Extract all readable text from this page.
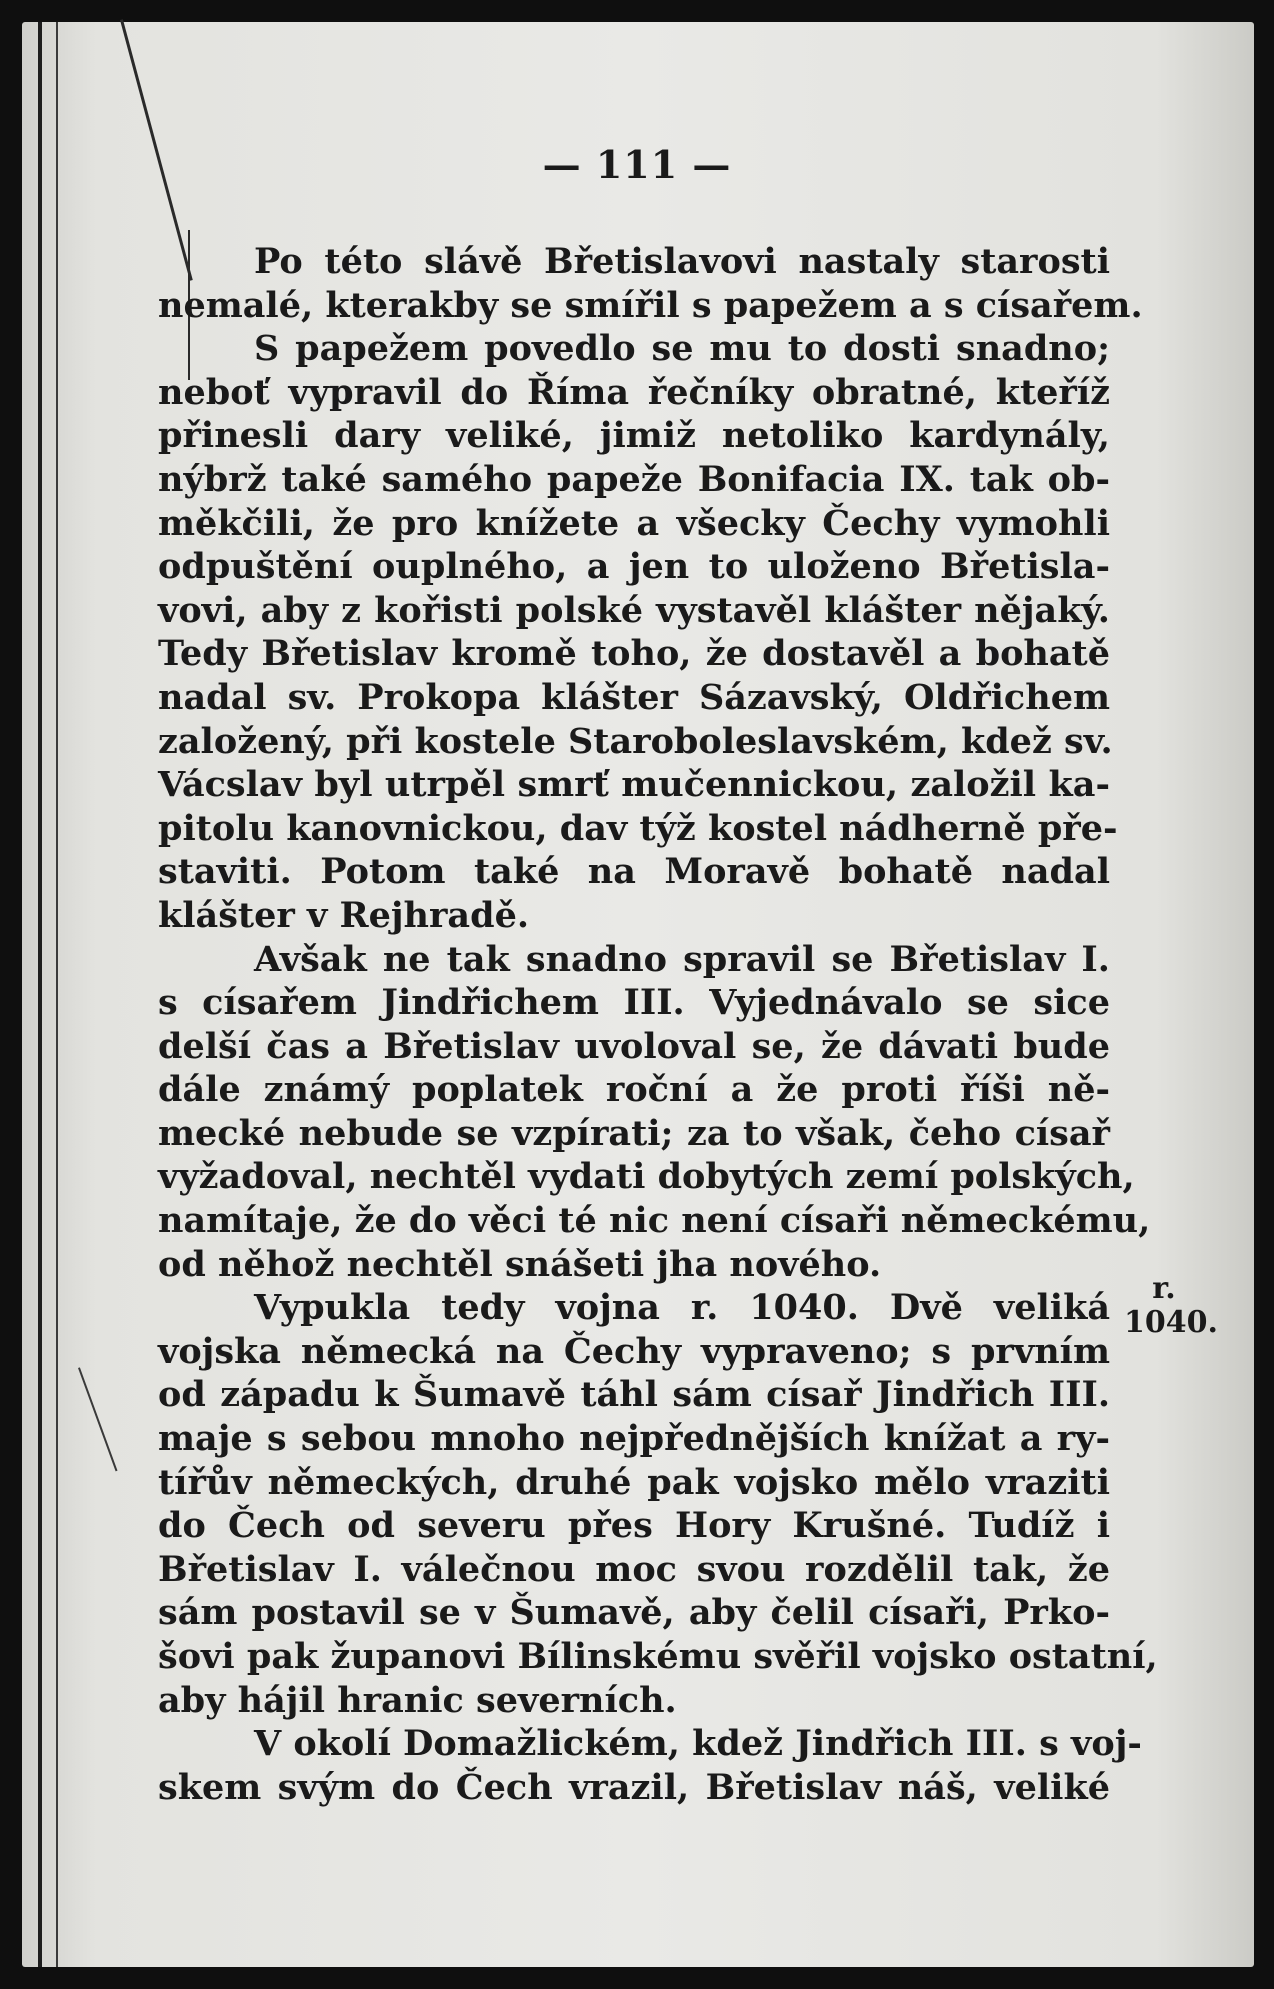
— 111 —
Po této slávě Břetislavovi nastaly starosti
nemalé, kterakby se smířil s papežem a s císařem.
S papežem povedlo se mu to dosti snadno;
neboť vypravil do Říma řečníky obratné, kteříž
přinesli dary veliké, jimiž netoliko kardynály,
nýbrž také samého papeže Bonifacia IX. tak ob-
měkčili, že pro knížete a všecky Čechy vymohli
odpuštění ouplného, a jen to uloženo Břetisla-
vovi, aby z kořisti polské vystavěl klášter nějaký.
Tedy Břetislav kromě toho, že dostavěl a bohatě
nadal sv. Prokopa klášter Sázavský, Oldřichem
založený, při kostele Staroboleslavském, kdež sv.
Vácslav byl utrpěl smrť mučennickou, založil ka-
pitolu kanovnickou, dav týž kostel nádherně pře-
staviti. Potom také na Moravě bohatě nadal
klášter v Rejhradě.
Avšak ne tak snadno spravil se Břetislav I.
s císařem Jindřichem III. Vyjednávalo se sice
delší čas a Břetislav uvoloval se, že dávati bude
dále známý poplatek roční a že proti říši ně-
mecké nebude se vzpírati; za to však, čeho císař
vyžadoval, nechtěl vydati dobytých zemí polských,
namítaje, že do věci té nic není císaři německému,
od něhož nechtěl snášeti jha nového.
Vypukla tedy vojna r. 1040. Dvě veliká
vojska německá na Čechy vypraveno; s prvním
od západu k Šumavě táhl sám císař Jindřich III.
maje s sebou mnoho nejpřednějších knížat a ry-
tířův německých, druhé pak vojsko mělo vraziti
do Čech od severu přes Hory Krušné. Tudíž i
Břetislav I. válečnou moc svou rozdělil tak, že
sám postavil se v Šumavě, aby čelil císaři, Prko-
šovi pak županovi Bílinskému svěřil vojsko ostatní,
aby hájil hranic severních.
V okolí Domažlickém, kdež Jindřich III. s voj-
skem svým do Čech vrazil, Břetislav náš, veliké
r.
1040.
